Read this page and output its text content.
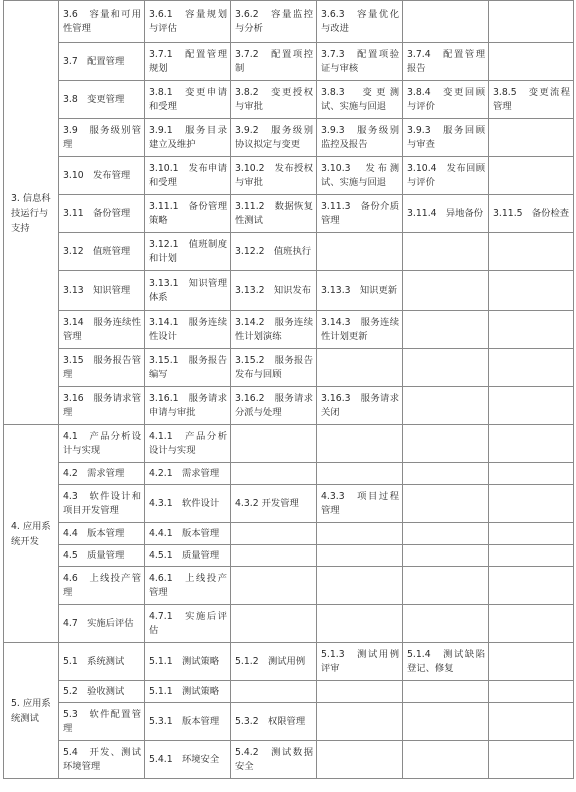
3. 信息科技运行与支持	3.6　容量和可用性管理	3.6.1　容量规划与评估	3.6.2　容量监控与分析	3.6.3　容量优化与改进		
	3.7　配置管理	3.7.1　配置管理规划	3.7.2　配置项控制	3.7.3　配置项验证与审核	3.7.4　配置管理报告	
	3.8　变更管理	3.8.1　变更申请和受理	3.8.2　变更授权与审批	3.8.3　变更测试、实施与回退	3.8.4　变更回顾与评价	3.8.5　变更流程管理
	3.9　服务级别管理	3.9.1　服务目录建立及维护	3.9.2　服务级别协议拟定与变更	3.9.3　服务级别监控及报告	3.9.3　服务回顾与审查	
	3.10　发布管理	3.10.1　发布申请和受理	3.10.2　发布授权与审批	3.10.3　发布测试、实施与回退	3.10.4　发布回顾与评价	
	3.11　备份管理	3.11.1　备份管理策略	3.11.2　数据恢复性测试	3.11.3　备份介质管理	3.11.4　异地备份	3.11.5　备份检查
	3.12　值班管理	3.12.1　值班制度和计划	3.12.2　值班执行			
	3.13　知识管理	3.13.1　知识管理体系	3.13.2　知识发布	3.13.3　知识更新		
	3.14　服务连续性管理	3.14.1　服务连续性设计	3.14.2　服务连续性计划演练	3.14.3　服务连续性计划更新		
	3.15　服务报告管理	3.15.1　服务报告编写	3.15.2　服务报告发布与回顾			
	3.16　服务请求管理	3.16.1　服务请求申请与审批	3.16.2　服务请求分派与处理	3.16.3　服务请求关闭		
4. 应用系统开发	4.1　产品分析设计与实现	4.1.1　产品分析设计与实现				
	4.2　需求管理	4.2.1　需求管理				
	4.3　软件设计和项目开发管理	4.3.1　软件设计	4.3.2 开发管理	4.3.3　项目过程管理		
	4.4　版本管理	4.4.1　版本管理				
	4.5　质量管理	4.5.1　质量管理				
	4.6　上线投产管理	4.6.1　上线投产管理				
	4.7　实施后评估	4.7.1　实施后评估				
5. 应用系统测试	5.1　系统测试	5.1.1　测试策略	5.1.2　测试用例	5.1.3　测试用例评审	5.1.4　测试缺陷登记、修复	
	5.2　验收测试	5.1.1　测试策略				
	5.3　软件配置管理	5.3.1　版本管理	5.3.2　权限管理			
	5.4　开发、测试环境管理	5.4.1　环境安全	5.4.2　测试数据安全			
